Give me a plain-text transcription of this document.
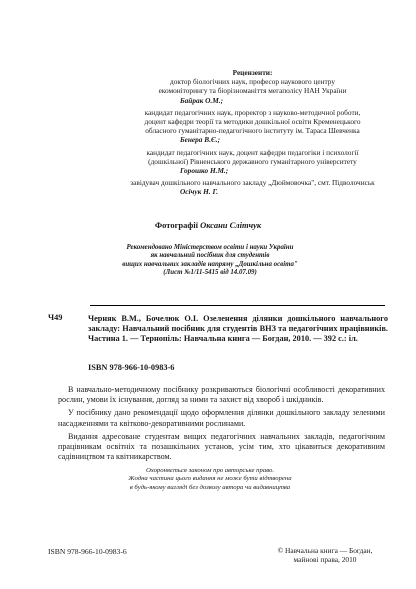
Рецензенти:
доктор біологічних наук, професор наукового центру
екомоніторингу та біорізноманіття мегаполісу НАН України
Байрак О.М.;
кандидат педагогічних наук, проректор з науково-методичної роботи,
доцент кафедри теорії та методики дошкільної освіти Кременецького
обласного гуманітарно-педагогічного інституту ім. Тараса Шевченка
Бенера В.Є.;
кандидат педагогічних наук, доцент кафедри педагогіки і психології
(дошкільної) Рівненського державного гуманітарного університету
Горошко Н.М.;
завідувач дошкільного навчального закладу „Дюймовочка", смт. Підволочиськ
Осічук Н. Г.
Фотографії Оксани Слітчук
Рекомендовано Міністерством освіти і науки України
як навчальний посібник для студентів
вищих навчальних закладів напряму „Дошкільна освіта"
(Лист №1/11-5415 від 14.07.09)
Ч49	Черняк В.М., Бочелюк О.І. Озеленення ділянки дошкільного навчального закладу: Навчальний посібник для студентів ВНЗ та педагогічних працівників. Частина 1. — Тернопіль: Навчальна книга — Богдан, 2010. — 392 с.: іл.
ISBN 978-966-10-0983-6

В навчально-методичному посібнику розкриваються біологічні особливості декоративних рослин, умови їх існування, догляд за ними та захист від хвороб і шкідників.

У посібнику дано рекомендації щодо оформлення ділянки дошкільного закладу зеленими насадженнями та квітково-декоративними рослинами.

Видання адресоване студентам вищих педагогічних навчальних закладів, педагогічним працівникам освітніх та позашкільних установ, усім тим, хто цікавиться декоративним садівництвом та квітникарством.

Охороняється законом про авторське право.
Жодна частина цього видання не може бути відтворена
в будь-якому вигляді без дозволу автора чи видавництва
ISBN 978-966-10-0983-6	© Навчальна книга — Богдан,
майнові права, 2010
